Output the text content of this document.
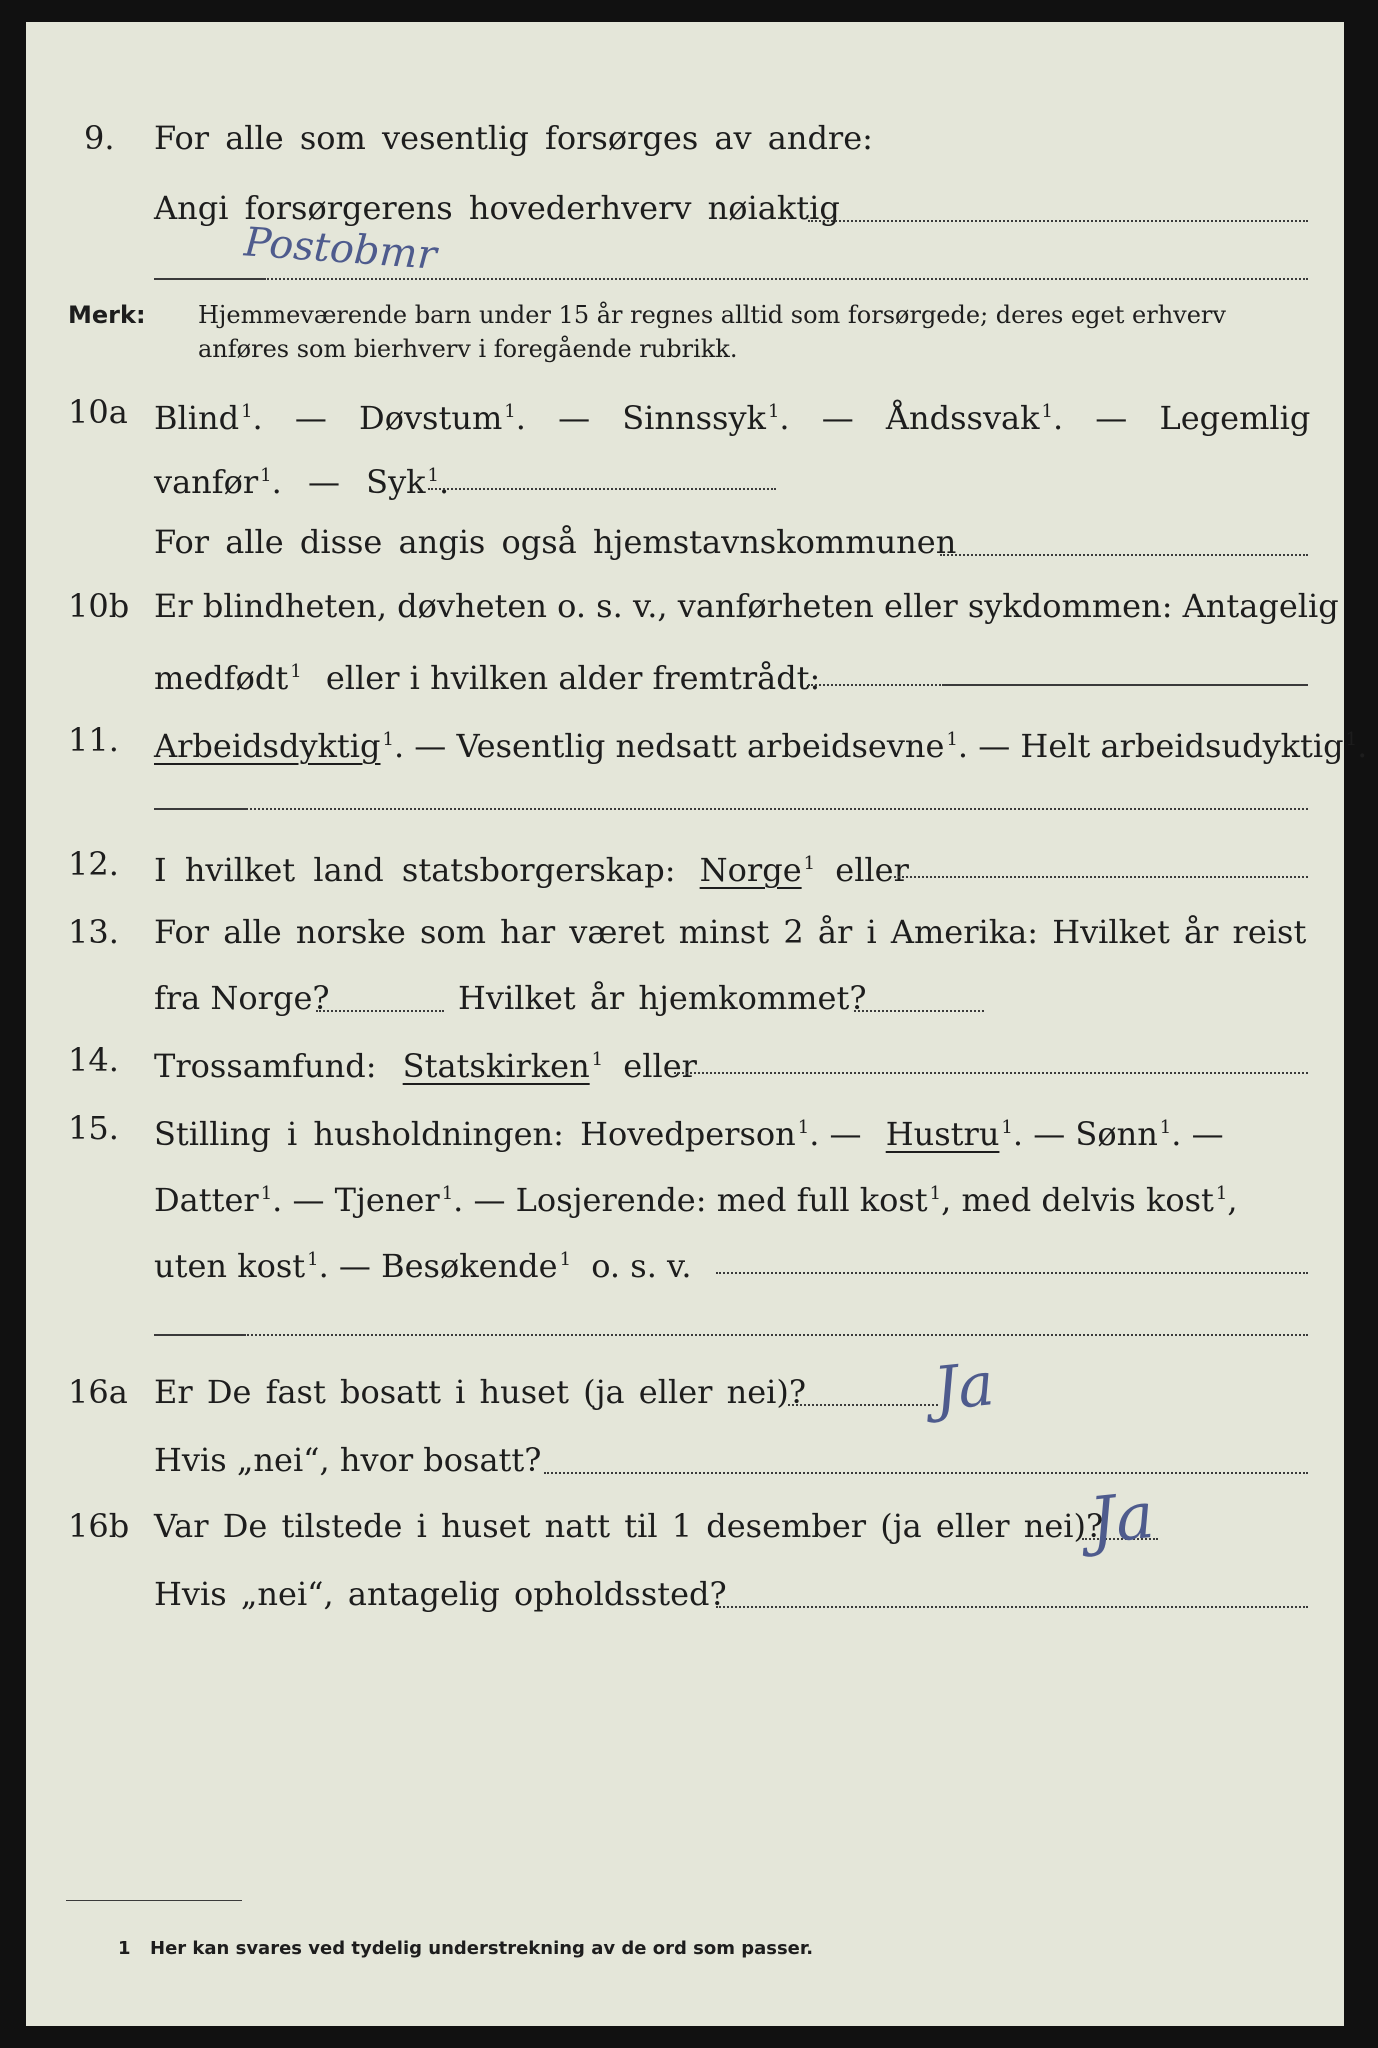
9. For alle som vesentlig forsørges av andre:
Angi forsørgerens hovederhverv nøiaktig
Postobmr
Merk: Hjemmeværende barn under 15 år regnes alltid som forsørgede; deres eget erhverv
anføres som bierhverv i foregående rubrikk.
10a Blind $^1$. — Døvstum $^1$. — Sinnssyk $^1$. — Åndssvak $^1$. — Legemlig
vanfør $^1$. — Syk $^1$.
For alle disse angis også hjemstavnskommunen
10b Er blindheten, døvheten o. s. v., vanførheten eller sykdommen: Antagelig
medfødt $^1$ eller i hvilken alder fremtrådt:
11. Arbeidsdyktig $^1$. — Vesentlig nedsatt arbeidsevne $^1$. — Helt arbeidsudyktig $^1$.
12. I hvilket land statsborgerskap: Norge $^1$ eller
13. For alle norske som har været minst 2 år i Amerika: Hvilket år reist
fra Norge?	Hvilket år hjemkommet?
14. Trossamfund: Statskirken $^1$ eller
15. Stilling i husholdningen: Hovedperson $^1$. — Hustru $^1$. — Sønn $^1$. —
Datter $^1$. — Tjener $^1$. — Losjerende: med full kost $^1$, med delvis kost $^1$,
uten kost $^1$. — Besøkende $^1$ o. s. v.
16a Er De fast bosatt i huset (ja eller nei)? Ja
Hvis „nei“, hvor bosatt?
16b Var De tilstede i huset natt til 1 desember (ja eller nei)?
Ja
Hvis „nei“, antagelig opholdssted?
1 Her kan svares ved tydelig understrekning av de ord som passer.
